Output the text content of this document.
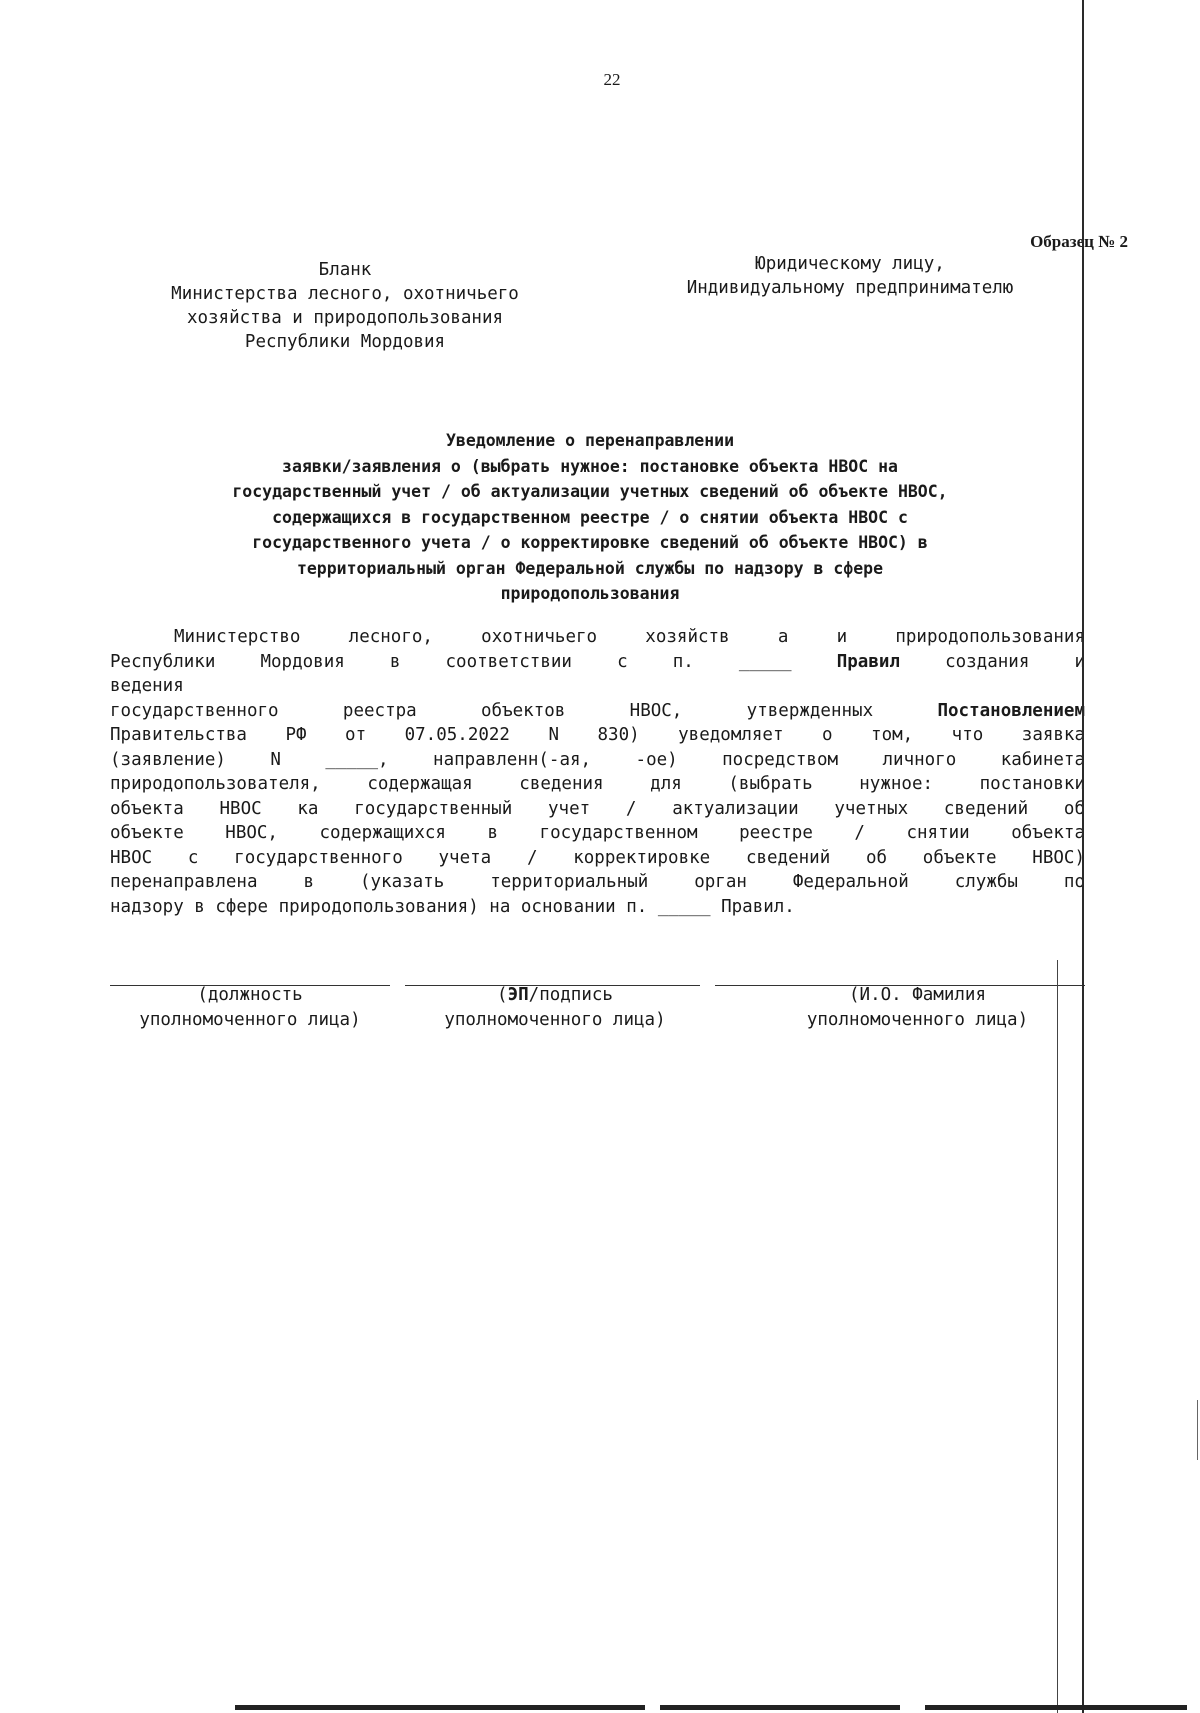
22
Образец № 2
Бланк
Министерства лесного, охотничьего
хозяйства и природопользования
Республики Мордовия
Юридическому лицу,
Индивидуальному предпринимателю
Уведомление о перенаправлении
заявки/заявления о (выбрать нужное: постановке объекта НВОС на
государственный учет / об актуализации учетных сведений об объекте НВОС,
содержащихся в государственном реестре / о снятии объекта НВОС с
государственного учета / о корректировке сведений об объекте НВОС) в
территориальный орган Федеральной службы по надзору в сфере
природопользования

Министерство лесного, охотничьего хозяйств а и природопользования

Республики Мордовия в соответствии с п. _____	Правил	создания и

ведения

государственного реестра объектов НВОС, утвержденных	Постановлением

Правительства РФ от 07.05.2022 N 830) уведомляет о том, что заявка

(заявление) N _____, направленн(-ая, -ое) посредством личного кабинета

природопользователя, содержащая сведения для (выбрать нужное: постановки

объекта НВОС ка государственный учет / актуализации учетных сведений об

объекте НВОС, содержащихся в государственном реестре / снятии объекта

НВОС с государственного учета / корректировке сведений об объекте НВОС)

перенаправлена в (указать территориальный орган Федеральной службы по

надзору в сфере природопользования) на основании п. _____ Правил.

(должность
уполномоченного лица)
(ЭП/подпись
уполномоченного лица)
(И.О. Фамилия
уполномоченного лица)
